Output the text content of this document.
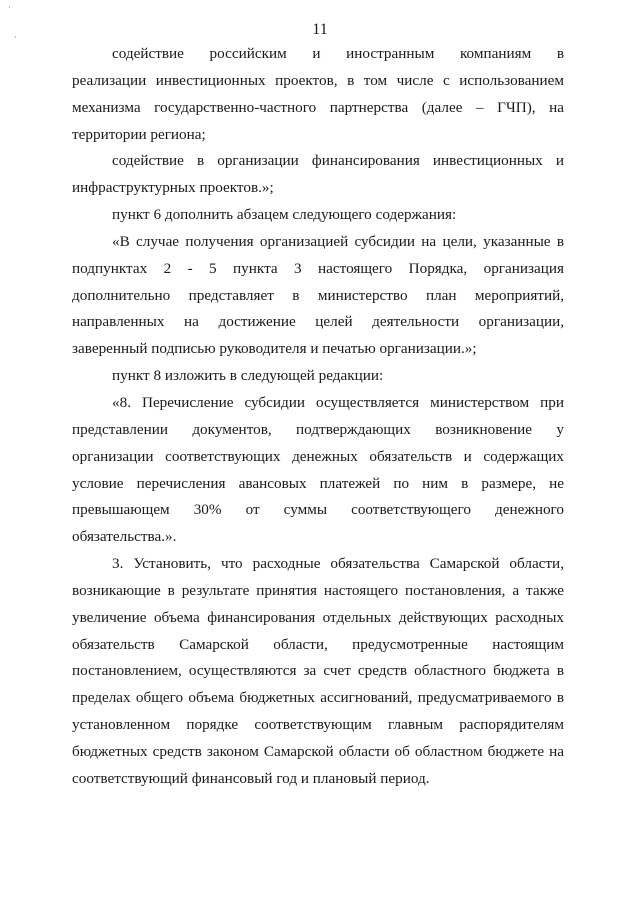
·
·	11
содействие российским и иностранным компаниям в
реализации инвестиционных проектов, в том числе с использованием
механизма государственно-частного партнерства (далее – ГЧП), на
территории региона;
содействие в организации финансирования инвестиционных и
инфраструктурных проектов.»;
пункт 6 дополнить абзацем следующего содержания:
«В случае получения организацией субсидии на цели, указанные в
подпунктах 2 - 5 пункта 3 настоящего Порядка, организация
дополнительно представляет в министерство план мероприятий,
направленных на достижение целей деятельности организации,
заверенный подписью руководителя и печатью организации.»;
пункт 8 изложить в следующей редакции:
«8. Перечисление субсидии осуществляется министерством при
представлении документов, подтверждающих возникновение у
организации соответствующих денежных обязательств и содержащих
условие перечисления авансовых платежей по ним в размере, не
превышающем 30% от суммы соответствующего денежного
обязательства.».
3. Установить, что расходные обязательства Самарской области,
возникающие в результате принятия настоящего постановления, а также
увеличение объема финансирования отдельных действующих расходных
обязательств Самарской области, предусмотренные настоящим
постановлением, осуществляются за счет средств областного бюджета в
пределах общего объема бюджетных ассигнований, предусматриваемого в
установленном порядке соответствующим главным распорядителям
бюджетных средств законом Самарской области об областном бюджете на
соответствующий финансовый год и плановый период.
